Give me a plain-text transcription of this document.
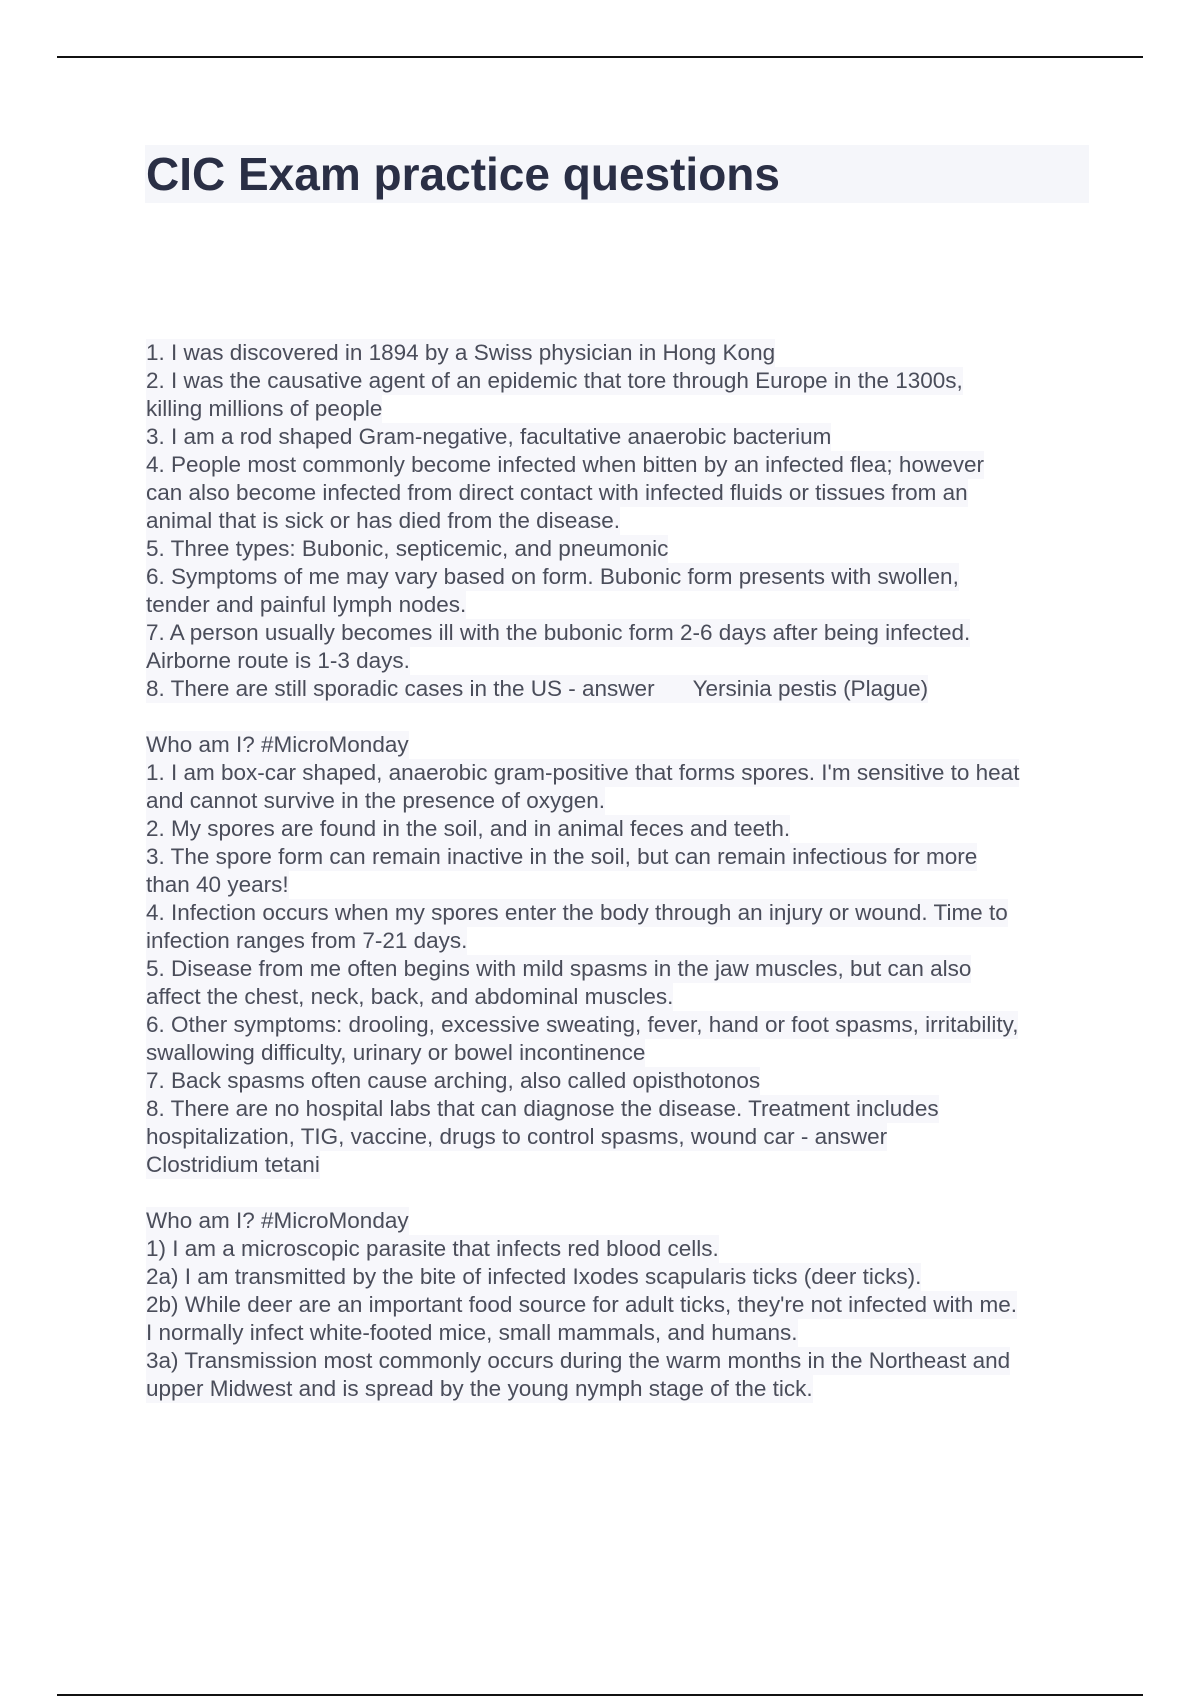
CIC Exam practice questions
1. I was discovered in 1894 by a Swiss physician in Hong Kong
2. I was the causative agent of an epidemic that tore through Europe in the 1300s,
killing millions of people
3. I am a rod shaped Gram-negative, facultative anaerobic bacterium
4. People most commonly become infected when bitten by an infected flea; however
can also become infected from direct contact with infected fluids or tissues from an
animal that is sick or has died from the disease.
5. Three types: Bubonic, septicemic, and pneumonic
6. Symptoms of me may vary based on form. Bubonic form presents with swollen,
tender and painful lymph nodes.
7. A person usually becomes ill with the bubonic form 2-6 days after being infected.
Airborne route is 1-3 days.
8. There are still sporadic cases in the US - answer Yersinia pestis (Plague)
Who am I? #MicroMonday
1. I am box-car shaped, anaerobic gram-positive that forms spores. I'm sensitive to heat
and cannot survive in the presence of oxygen.
2. My spores are found in the soil, and in animal feces and teeth.
3. The spore form can remain inactive in the soil, but can remain infectious for more
than 40 years!
4. Infection occurs when my spores enter the body through an injury or wound. Time to
infection ranges from 7-21 days.
5. Disease from me often begins with mild spasms in the jaw muscles, but can also
affect the chest, neck, back, and abdominal muscles.
6. Other symptoms: drooling, excessive sweating, fever, hand or foot spasms, irritability,
swallowing difficulty, urinary or bowel incontinence
7. Back spasms often cause arching, also called opisthotonos
8. There are no hospital labs that can diagnose the disease. Treatment includes
hospitalization, TIG, vaccine, drugs to control spasms, wound car - answer
Clostridium tetani
Who am I? #MicroMonday
1) I am a microscopic parasite that infects red blood cells.
2a) I am transmitted by the bite of infected Ixodes scapularis ticks (deer ticks).
2b) While deer are an important food source for adult ticks, they're not infected with me.
I normally infect white-footed mice, small mammals, and humans.
3a) Transmission most commonly occurs during the warm months in the Northeast and
upper Midwest and is spread by the young nymph stage of the tick.
